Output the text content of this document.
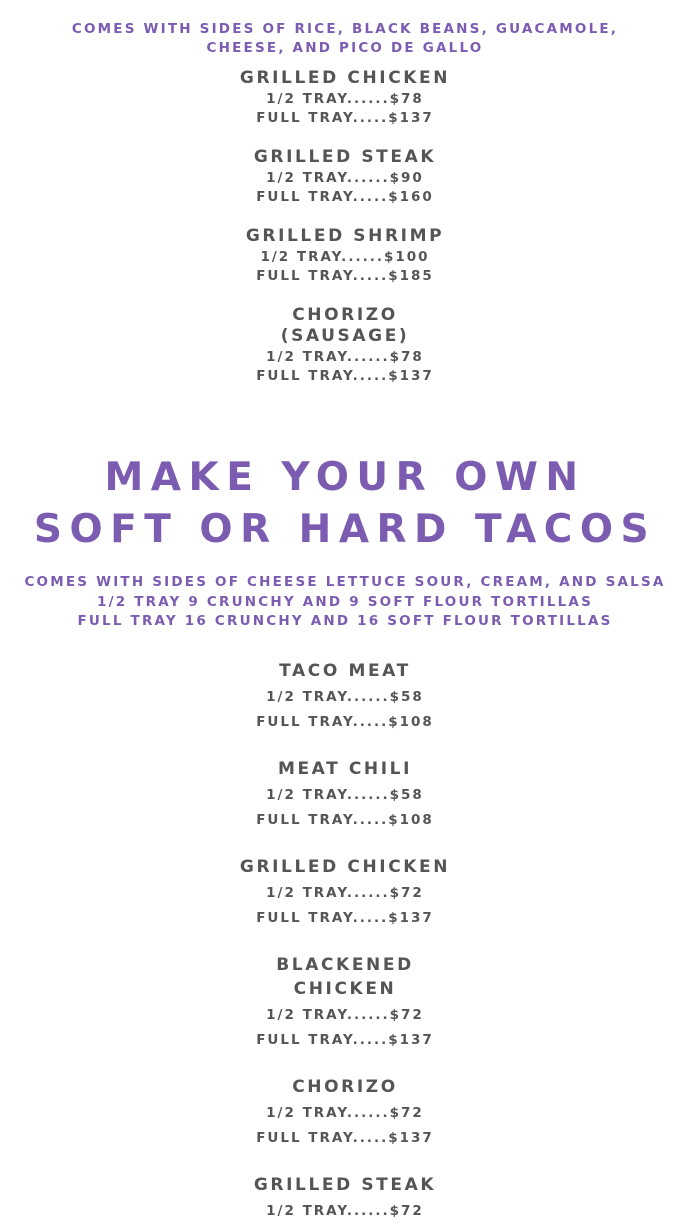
COMES WITH SIDES OF RICE, BLACK BEANS, GUACAMOLE,
CHEESE, AND PICO DE GALLO
GRILLED CHICKEN
1/2 TRAY......$78
FULL TRAY.....$137
GRILLED STEAK
1/2 TRAY......$90
FULL TRAY.....$160
GRILLED SHRIMP
1/2 TRAY......$100
FULL TRAY.....$185
CHORIZO
(SAUSAGE)
1/2 TRAY......$78
FULL TRAY.....$137
MAKE YOUR OWN
SOFT OR HARD TACOS
COMES WITH SIDES OF CHEESE LETTUCE SOUR, CREAM, AND SALSA
1/2 TRAY 9 CRUNCHY AND 9 SOFT FLOUR TORTILLAS
FULL TRAY 16 CRUNCHY AND 16 SOFT FLOUR TORTILLAS
TACO MEAT
1/2 TRAY......$58
FULL TRAY.....$108
MEAT CHILI
1/2 TRAY......$58
FULL TRAY.....$108
GRILLED CHICKEN
1/2 TRAY......$72
FULL TRAY.....$137
BLACKENED
CHICKEN
1/2 TRAY......$72
FULL TRAY.....$137
CHORIZO
1/2 TRAY......$72
FULL TRAY.....$137
GRILLED STEAK
1/2 TRAY......$72
